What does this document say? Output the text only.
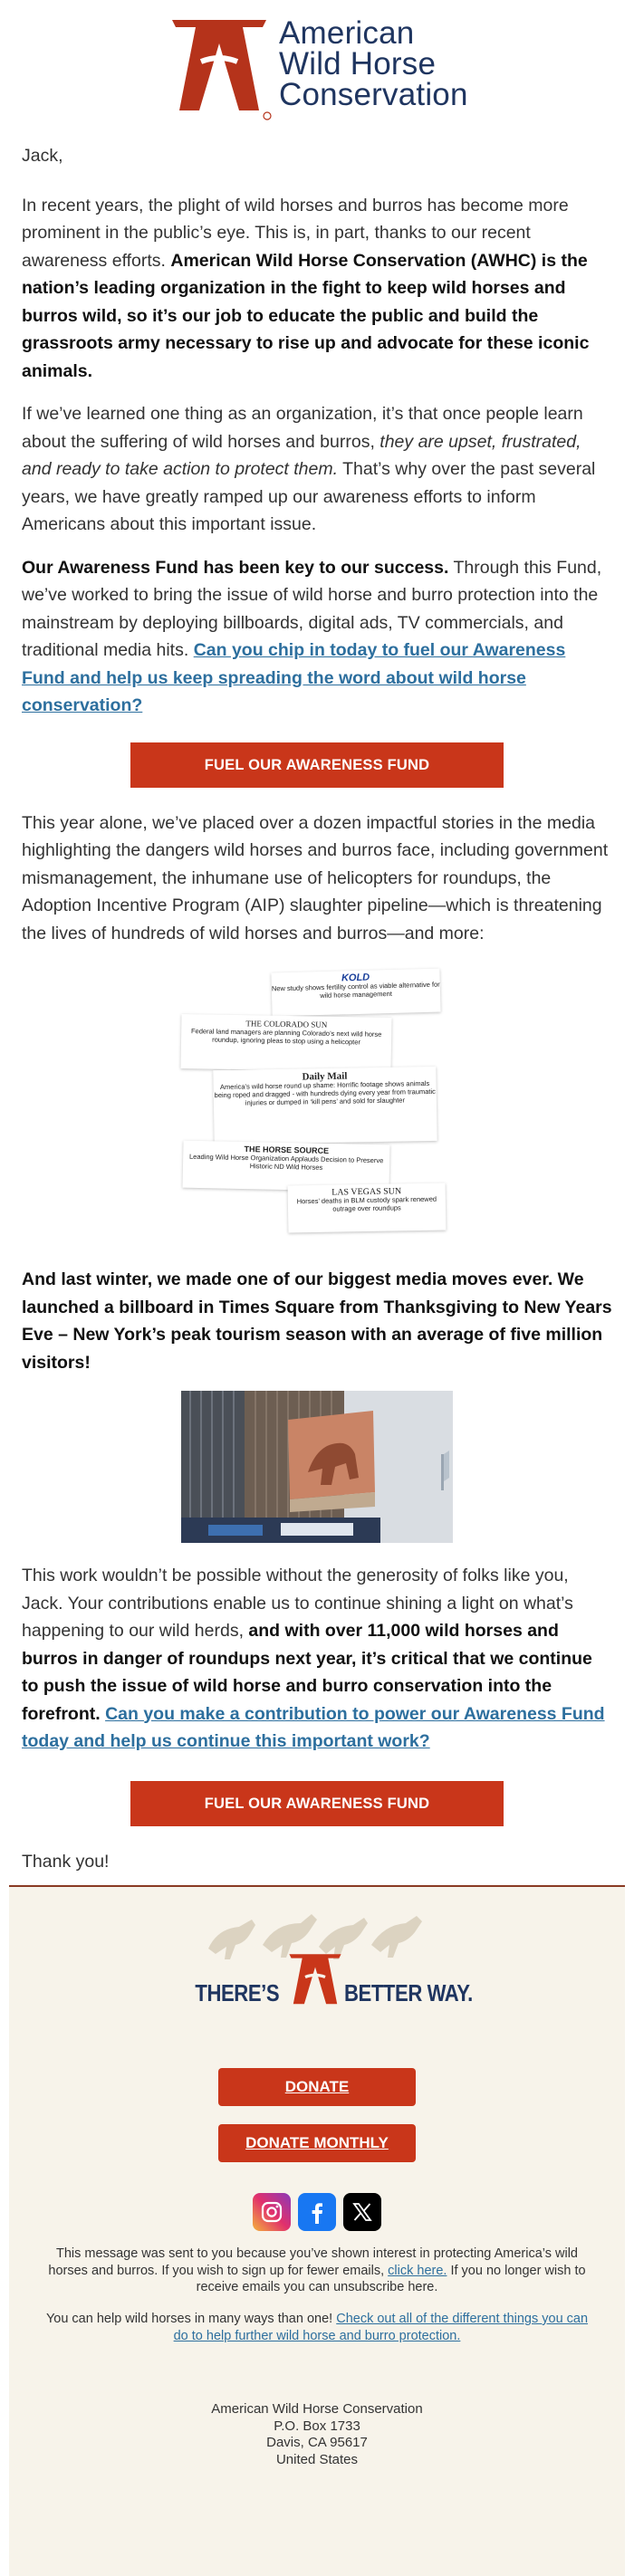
American
Wild Horse
Conservation

Jack,

In recent years, the plight of wild horses and burros has become more prominent in the public’s eye. This is, in part, thanks to our recent awareness efforts. American Wild Horse Conservation (AWHC) is the nation’s leading organization in the fight to keep wild horses and burros wild, so it’s our job to educate the public and build the grassroots army necessary to rise up and advocate for these iconic animals.

If we’ve learned one thing as an organization, it’s that once people learn about the suffering of wild horses and burros, they are upset, frustrated, and ready to take action to protect them. That’s why over the past several years, we have greatly ramped up our awareness efforts to inform Americans about this important issue.

Our Awareness Fund has been key to our success. Through this Fund, we’ve worked to bring the issue of wild horse and burro protection into the mainstream by deploying billboards, digital ads, TV commercials, and traditional media hits. Can you chip in today to fuel our Awareness Fund and help us keep spreading the word about wild horse conservation?

FUEL OUR AWARENESS FUND

This year alone, we’ve placed over a dozen impactful stories in the media highlighting the dangers wild horses and burros face, including government mismanagement, the inhumane use of helicopters for roundups, the Adoption Incentive Program (AIP) slaughter pipeline—which is threatening the lives of hundreds of wild horses and burros—and more:

KOLD
New study shows fertility control as viable alternative for wild horse management
THE COLORADO SUN
Federal land managers are planning Colorado’s next wild horse roundup, ignoring pleas to stop using a helicopter
Daily Mail
America’s wild horse round up shame: Horrific footage shows animals being roped and dragged - with hundreds dying every year from traumatic injuries or dumped in ‘kill pens’ and sold for slaughter
THE HORSE SOURCE
Leading Wild Horse Organization Applauds Decision to Preserve Historic ND Wild Horses
LAS VEGAS SUN
Horses’ deaths in BLM custody spark renewed outrage over roundups

And last winter, we made one of our biggest media moves ever. We launched a billboard in Times Square from Thanksgiving to New Years Eve – New York’s peak tourism season with an average of five million visitors!

This work wouldn’t be possible without the generosity of folks like you, Jack. Your contributions enable us to continue shining a light on what’s happening to our wild herds, and with over 11,000 wild horses and burros in danger of roundups next year, it’s critical that we continue to push the issue of wild horse and burro conservation into the forefront. Can you make a contribution to power our Awareness Fund today and help us continue this important work?

FUEL OUR AWARENESS FUND

Thank you!

THERE’S	BETTER WAY.
DONATE
DONATE MONTHLY

This message was sent to you because you’ve shown interest in protecting America’s wild horses and burros. If you wish to sign up for fewer emails, click here. If you no longer wish to receive emails you can unsubscribe here.

You can help wild horses in many ways than one! Check out all of the different things you can do to help further wild horse and burro protection.

American Wild Horse Conservation
P.O. Box 1733
Davis, CA 95617
United States
